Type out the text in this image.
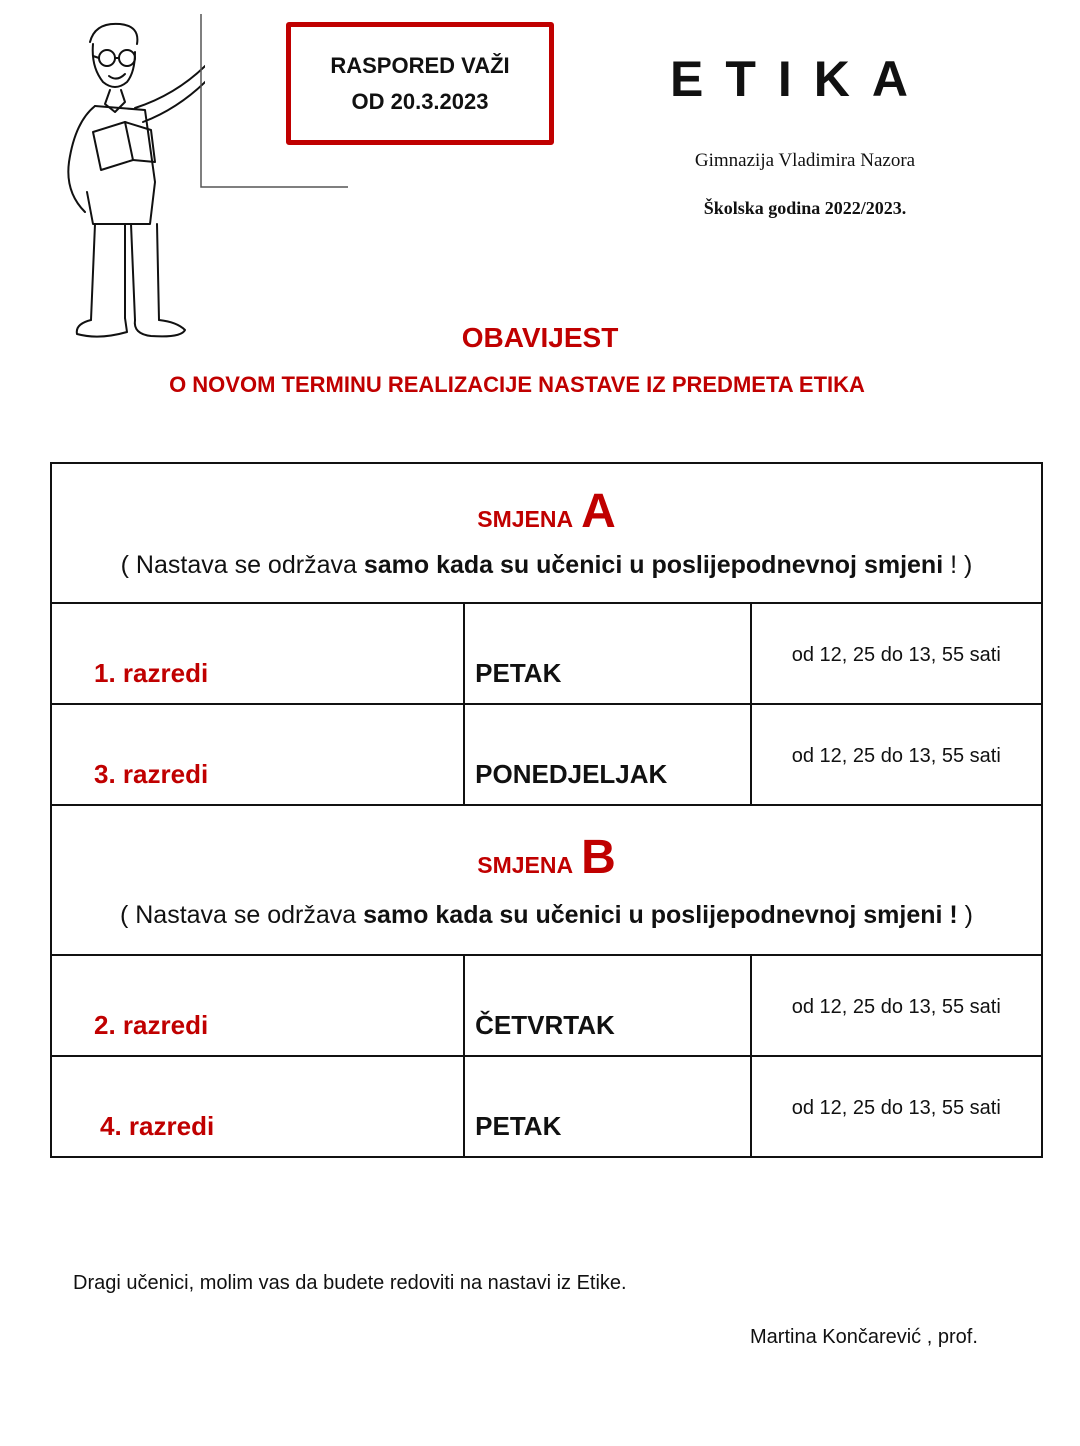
RASPORED VAŽI
OD 20.3.2023	ETIKA
Gimnazija Vladimira Nazora
Školska godina 2022/2023.
OBAVIJEST
O NOVOM TERMINU REALIZACIJE NASTAVE IZ PREDMETA ETIKA
SMJENA A
( Nastava se održava samo kada su učenici u poslijepodnevnoj smjeni ! )		

1. razredi	PETAK	od 12, 25 do 13, 55 sati

3. razredi	PONEDJELJAK	od 12, 25 do 13, 55 sati

SMJENA B
( Nastava se održava samo kada su učenici u poslijepodnevnoj smjeni ! )		

2. razredi	ČETVRTAK	od 12, 25 do 13, 55 sati

4. razredi	PETAK	od 12, 25 do 13, 55 sati
Dragi učenici, molim vas da budete redoviti na nastavi iz Etike.
Martina Končarević , prof.
